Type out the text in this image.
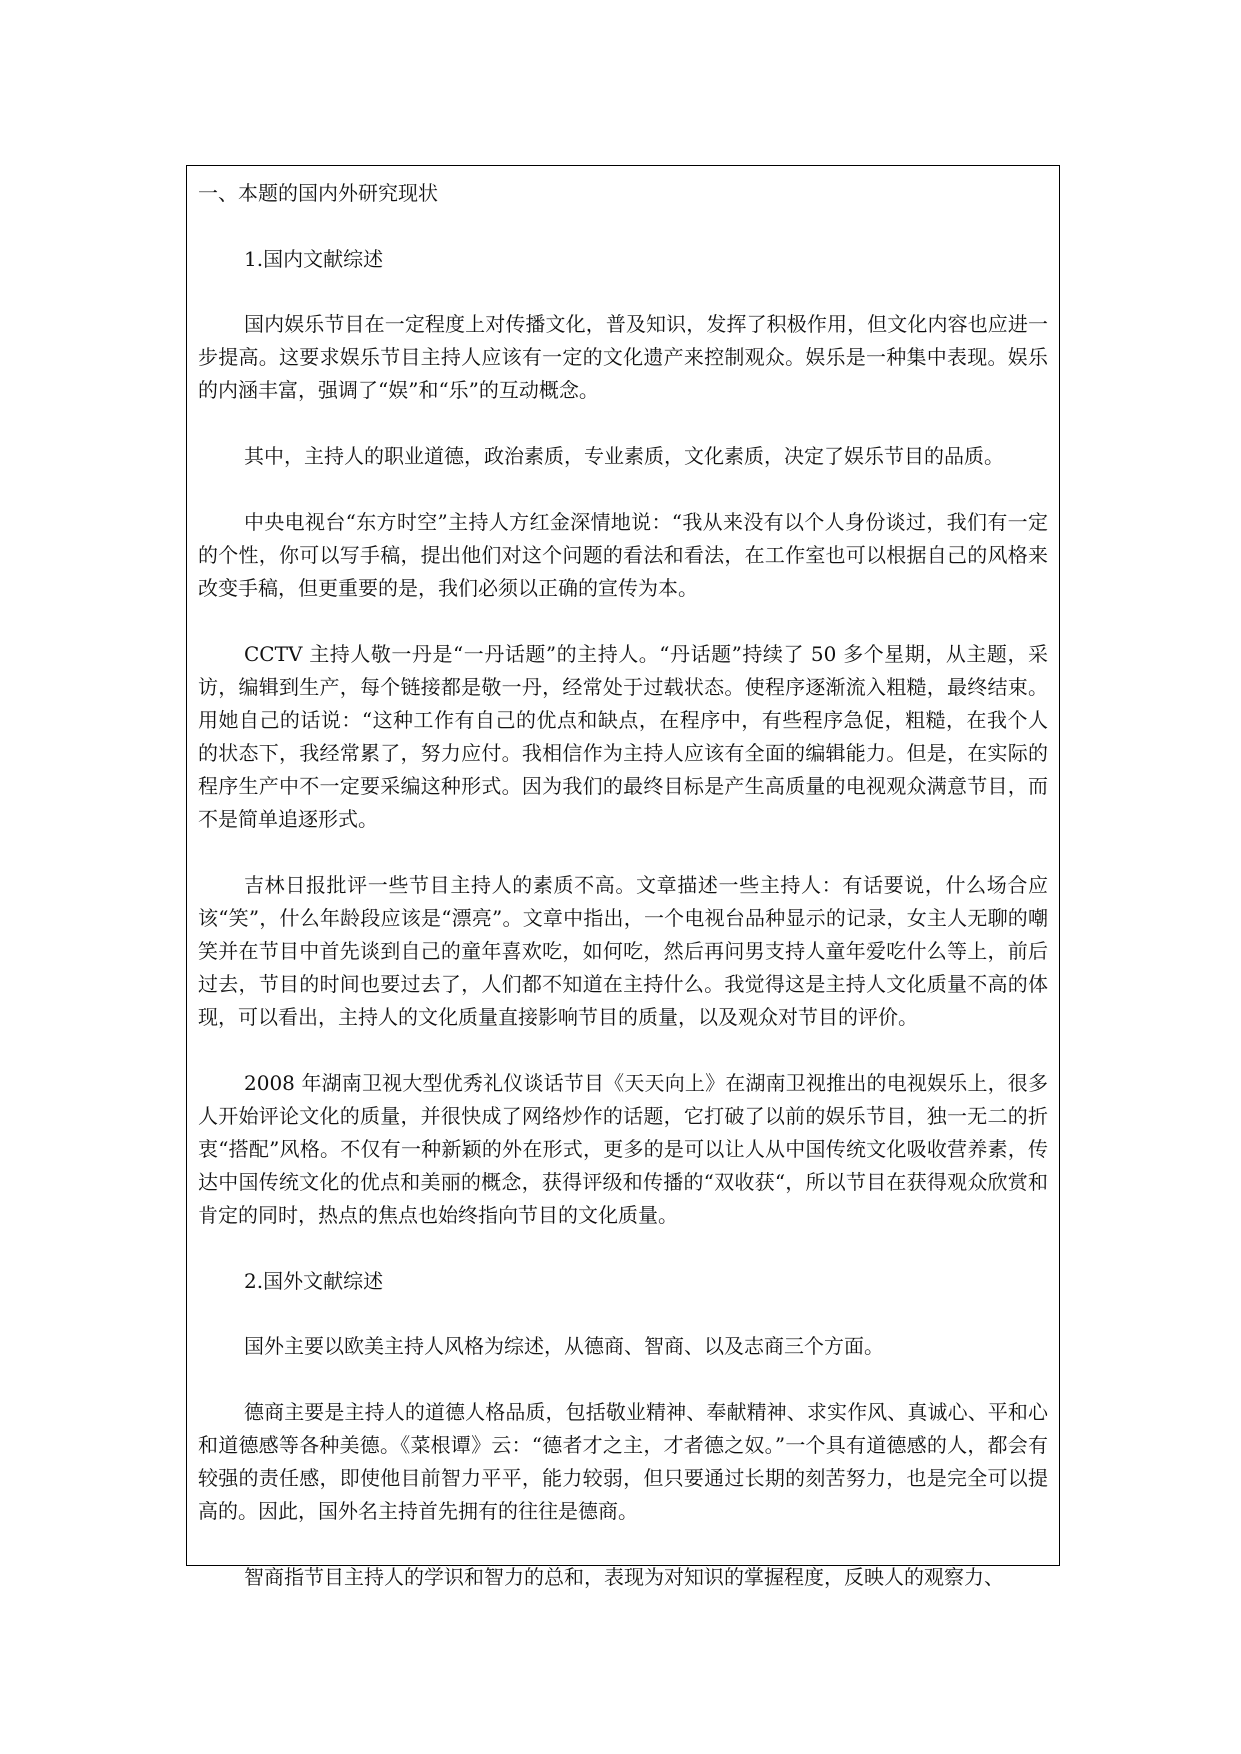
一、本题的国内外研究现状

1.国内文献综述

国内娱乐节目在一定程度上对传播文化，普及知识，发挥了积极作用，但文化内容也应进一步提高。这要求娱乐节目主持人应该有一定的文化遗产来控制观众。娱乐是一种集中表现。娱乐的内涵丰富，强调了“娱”和“乐”的互动概念。

其中，主持人的职业道德，政治素质，专业素质，文化素质，决定了娱乐节目的品质。

中央电视台“东方时空”主持人方红金深情地说：“我从来没有以个人身份谈过，我们有一定的个性，你可以写手稿，提出他们对这个问题的看法和看法，在工作室也可以根据自己的风格来改变手稿，但更重要的是，我们必须以正确的宣传为本。

CCTV 主持人敬一丹是“一丹话题”的主持人。“丹话题”持续了 50 多个星期，从主题，采访，编辑到生产，每个链接都是敬一丹，经常处于过载状态。使程序逐渐流入粗糙，最终结束。用她自己的话说：“这种工作有自己的优点和缺点，在程序中，有些程序急促，粗糙，在我个人的状态下，我经常累了，努力应付。我相信作为主持人应该有全面的编辑能力。但是，在实际的程序生产中不一定要采编这种形式。因为我们的最终目标是产生高质量的电视观众满意节目，而不是简单追逐形式。

吉林日报批评一些节目主持人的素质不高。文章描述一些主持人：有话要说，什么场合应该“笑”，什么年龄段应该是“漂亮”。文章中指出，一个电视台品种显示的记录，女主人无聊的嘲笑并在节目中首先谈到自己的童年喜欢吃，如何吃，然后再问男支持人童年爱吃什么等上，前后过去，节目的时间也要过去了，人们都不知道在主持什么。我觉得这是主持人文化质量不高的体现，可以看出，主持人的文化质量直接影响节目的质量，以及观众对节目的评价。

2008 年湖南卫视大型优秀礼仪谈话节目《天天向上》在湖南卫视推出的电视娱乐上，很多人开始评论文化的质量，并很快成了网络炒作的话题，它打破了以前的娱乐节目，独一无二的折衷“搭配”风格。不仅有一种新颖的外在形式，更多的是可以让人从中国传统文化吸收营养素，传达中国传统文化的优点和美丽的概念，获得评级和传播的“双收获“，所以节目在获得观众欣赏和肯定的同时，热点的焦点也始终指向节目的文化质量。

2.国外文献综述

国外主要以欧美主持人风格为综述，从德商、智商、以及志商三个方面。

德商主要是主持人的道德人格品质，包括敬业精神、奉献精神、求实作风、真诚心、平和心和道德感等各种美德。《菜根谭》云：“德者才之主，才者德之奴。”一个具有道德感的人，都会有较强的责任感，即使他目前智力平平，能力较弱，但只要通过长期的刻苦努力，也是完全可以提高的。因此，国外名主持首先拥有的往往是德商。

智商指节目主持人的学识和智力的总和，表现为对知识的掌握程度，反映人的观察力、
